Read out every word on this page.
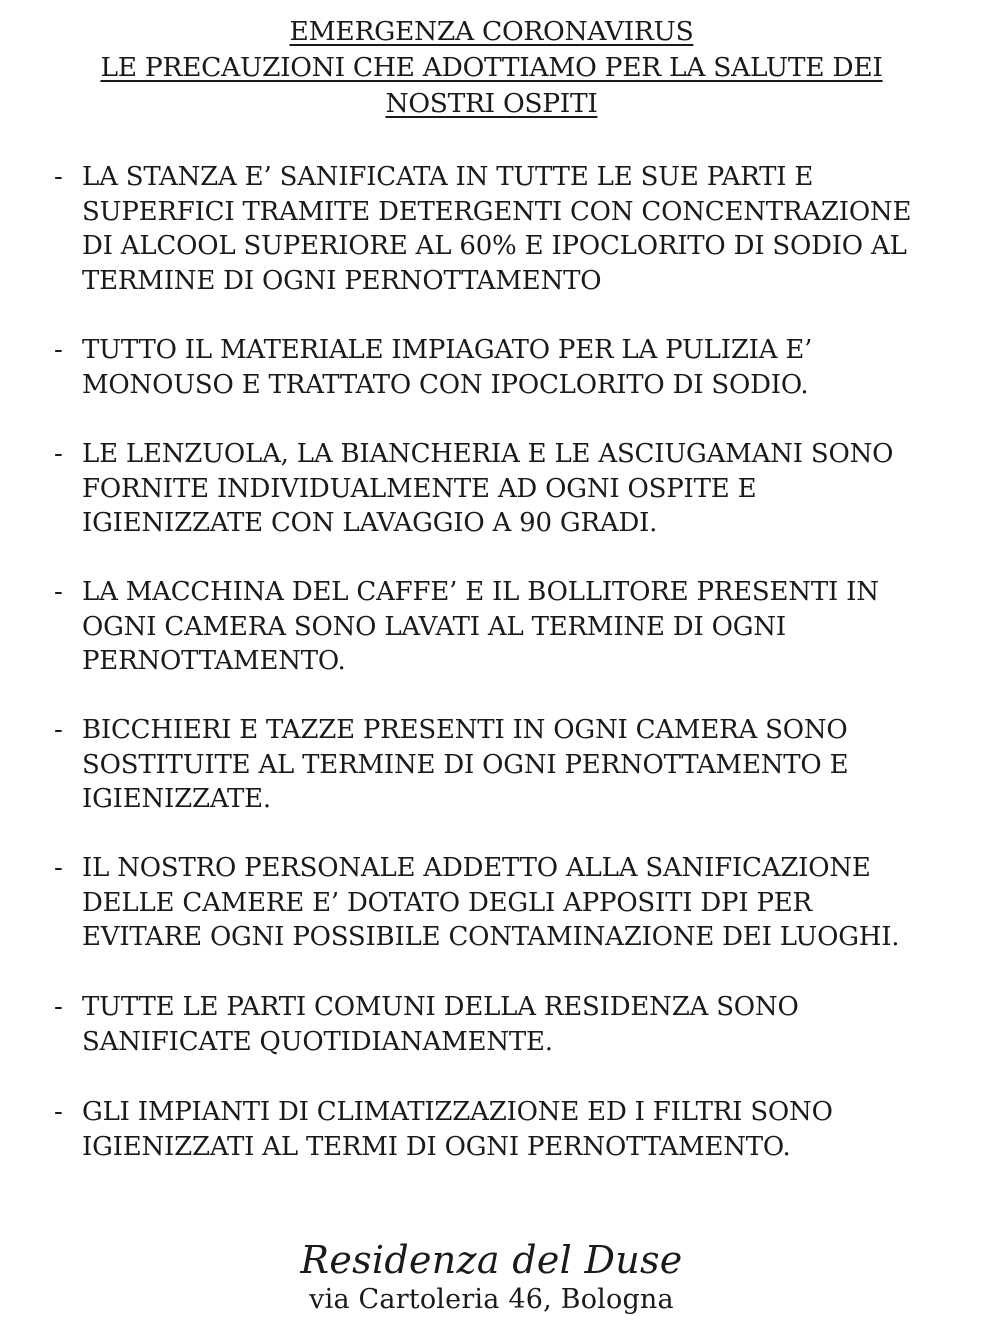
EMERGENZA CORONAVIRUS
LE PRECAUZIONI CHE ADOTTIAMO PER LA SALUTE DEI
NOSTRI OSPITI
- LA STANZA E’ SANIFICATA IN TUTTE LE SUE PARTI E
SUPERFICI TRAMITE DETERGENTI CON CONCENTRAZIONE
DI ALCOOL SUPERIORE AL 60% E IPOCLORITO DI SODIO AL
TERMINE DI OGNI PERNOTTAMENTO
- TUTTO IL MATERIALE IMPIAGATO PER LA PULIZIA E’
MONOUSO E TRATTATO CON IPOCLORITO DI SODIO.
- LE LENZUOLA, LA BIANCHERIA E LE ASCIUGAMANI SONO
FORNITE INDIVIDUALMENTE AD OGNI OSPITE E
IGIENIZZATE CON LAVAGGIO A 90 GRADI.
- LA MACCHINA DEL CAFFE’ E IL BOLLITORE PRESENTI IN
OGNI CAMERA SONO LAVATI AL TERMINE DI OGNI
PERNOTTAMENTO.
- BICCHIERI E TAZZE PRESENTI IN OGNI CAMERA SONO
SOSTITUITE AL TERMINE DI OGNI PERNOTTAMENTO E
IGIENIZZATE.
- IL NOSTRO PERSONALE ADDETTO ALLA SANIFICAZIONE
DELLE CAMERE E’ DOTATO DEGLI APPOSITI DPI PER
EVITARE OGNI POSSIBILE CONTAMINAZIONE DEI LUOGHI.
- TUTTE LE PARTI COMUNI DELLA RESIDENZA SONO
SANIFICATE QUOTIDIANAMENTE.
- GLI IMPIANTI DI CLIMATIZZAZIONE ED I FILTRI SONO
IGIENIZZATI AL TERMI DI OGNI PERNOTTAMENTO.
Residenza del Duse
via Cartoleria 46, Bologna
